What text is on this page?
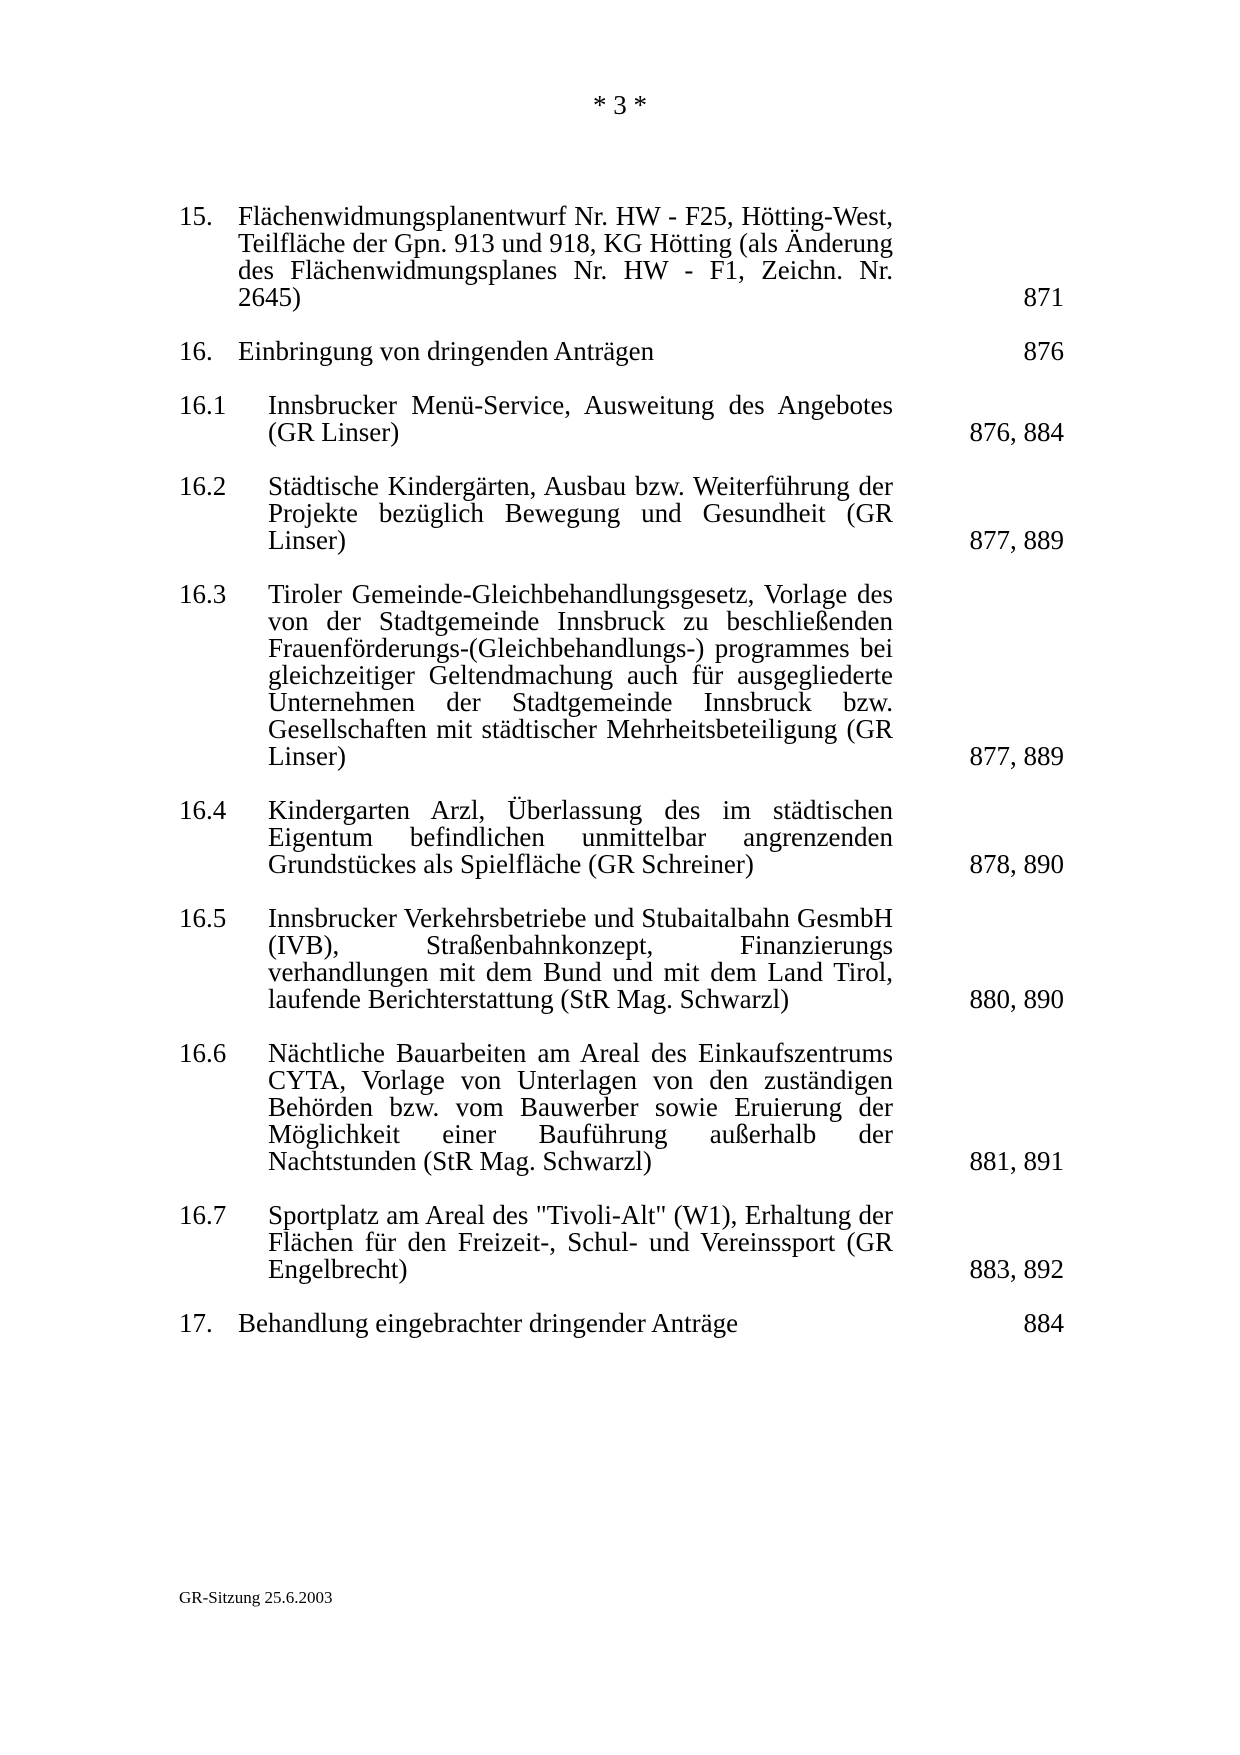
* 3 *
15. Flächenwidmungsplanentwurf Nr. HW - F25, Hötting-West, Teilfläche der Gpn. 913 und 918, KG Hötting (als Änderung des Flächenwidmungsplanes Nr. HW - F1, Zeichn. Nr. 2645)	871
16. Einbringung von dringenden Anträgen	876
16.1 Innsbrucker Menü-Service, Ausweitung des Angebotes (GR Linser)	876, 884
16.2 Städtische Kindergärten, Ausbau bzw. Weiterführung der Projekte bezüglich Bewegung und Gesundheit (GR Linser)	877, 889
16.3 Tiroler Gemeinde-Gleichbehandlungsgesetz, Vorlage des von der Stadtgemeinde Innsbruck zu beschließenden Frauenförderungs-(Gleichbehandlungs-) programmes bei gleichzeitiger Geltendmachung auch für ausgegliederte Unternehmen der Stadtgemeinde Innsbruck bzw. Gesellschaften mit städtischer Mehrheitsbeteiligung (GR Linser)	877, 889
16.4 Kindergarten Arzl, Überlassung des im städtischen Eigentum befindlichen unmittelbar angrenzenden Grundstückes als Spielfläche (GR Schreiner)	878, 890
16.5 Innsbrucker Verkehrsbetriebe und Stubaitalbahn GesmbH (IVB), Straßenbahnkonzept, Finanzierungs verhandlungen mit dem Bund und mit dem Land Tirol, laufende Berichterstattung (StR Mag. Schwarzl)	880, 890
16.6 Nächtliche Bauarbeiten am Areal des Einkaufszentrums CYTA, Vorlage von Unterlagen von den zuständigen Behörden bzw. vom Bauwerber sowie Eruierung der Möglichkeit einer Bauführung außerhalb der Nachtstunden (StR Mag. Schwarzl)	881, 891
16.7 Sportplatz am Areal des "Tivoli-Alt" (W1), Erhaltung der Flächen für den Freizeit-, Schul- und Vereinssport (GR Engelbrecht)	883, 892
17. Behandlung eingebrachter dringender Anträge	884
GR-Sitzung 25.6.2003
